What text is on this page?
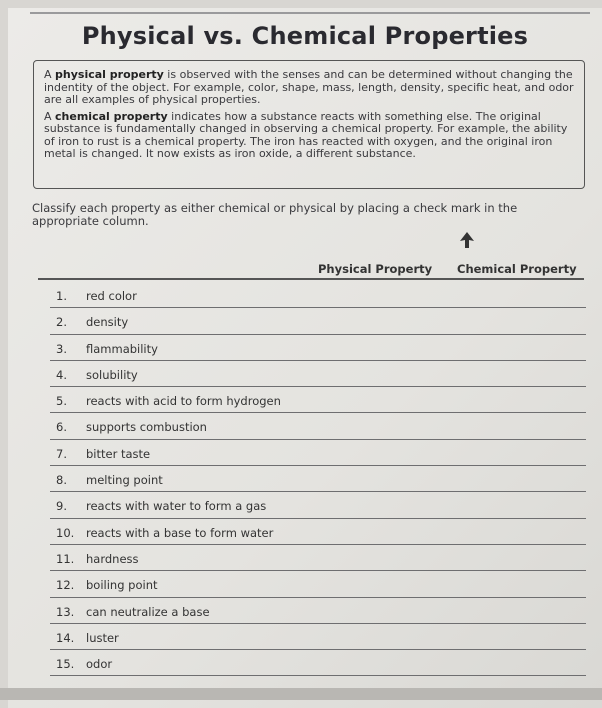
Physical vs. Chemical Properties

A physical property is observed with the senses and can be determined without changing the indentity of the object. For example, color, shape, mass, length, density, specific heat, and odor are all examples of physical properties.

A chemical property indicates how a substance reacts with something else. The original substance is fundamentally changed in observing a chemical property. For example, the ability of iron to rust is a chemical property. The iron has reacted with oxygen, and the original iron metal is changed. It now exists as iron oxide, a different substance.

Classify each property as either chemical or physical by placing a check mark in the appropriate column.
Physical Property Chemical Property
1.	red color
2.	density
3.	flammability
4.	solubility
5.	reacts with acid to form hydrogen
6.	supports combustion
7.	bitter taste
8.	melting point
9.	reacts with water to form a gas
10.	reacts with a base to form water
11.	hardness
12.	boiling point
13.	can neutralize a base
14.	luster
15.	odor
